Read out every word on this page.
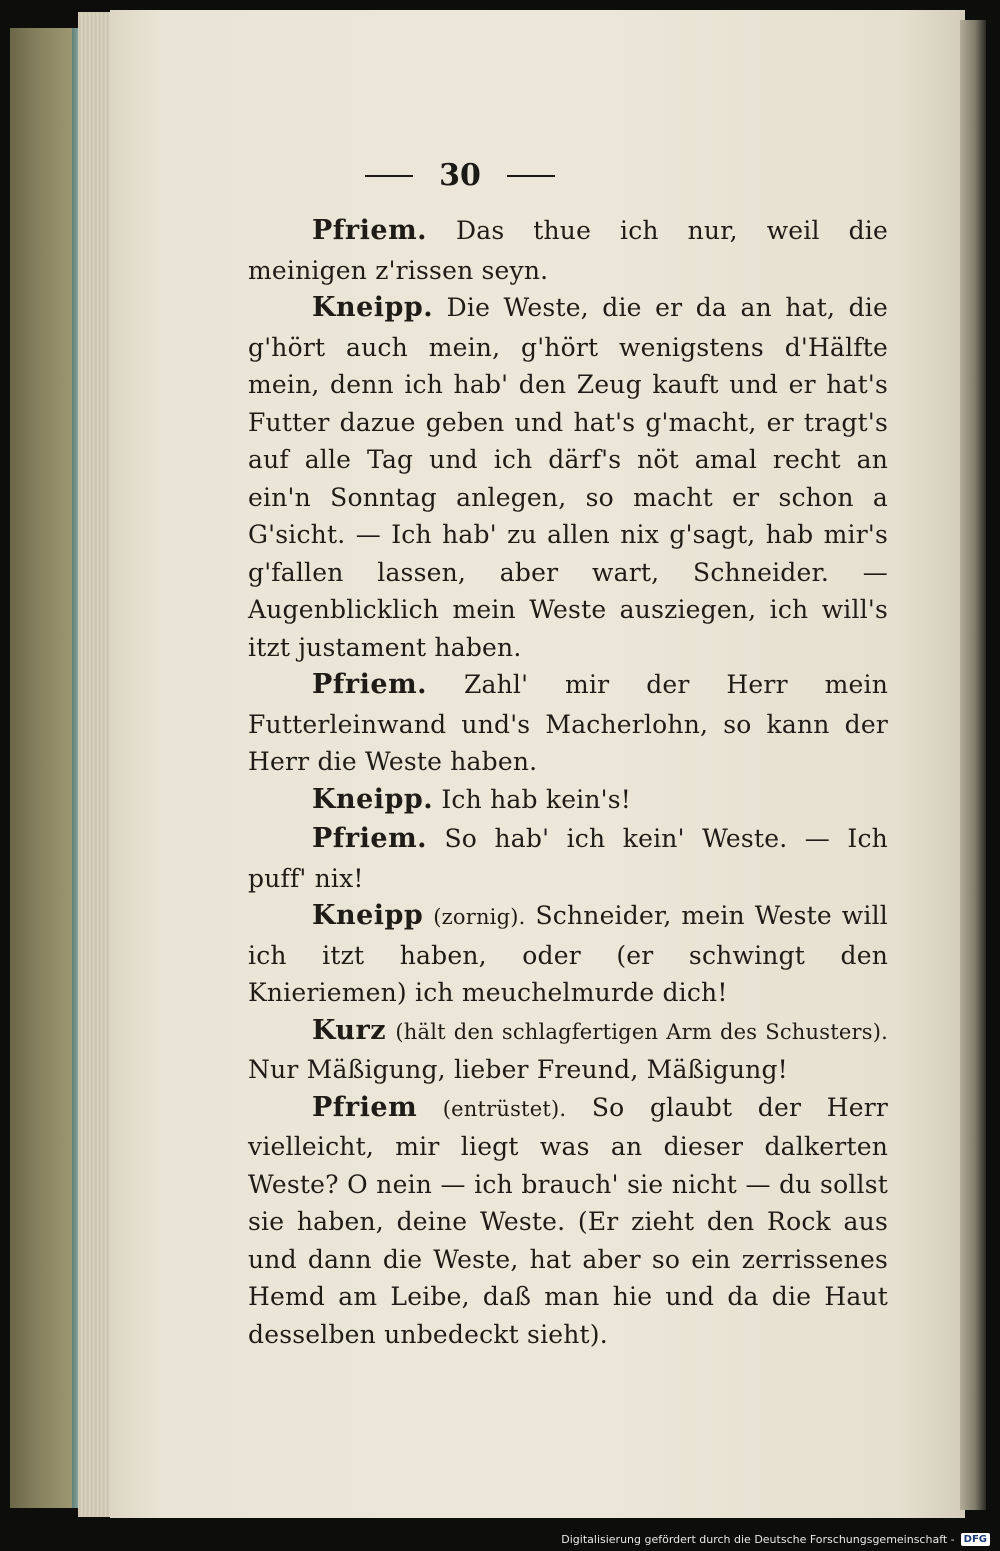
30

Pfriem. Das thue ich nur, weil die meinigen z'rissen seyn.

Kneipp. Die Weste, die er da an hat, die g'hört auch mein, g'hört wenigstens d'Hälfte mein, denn ich hab' den Zeug kauft und er hat's Futter dazue geben und hat's g'macht, er tragt's auf alle Tag und ich därf's nöt amal recht an ein'n Sonntag anlegen, so macht er schon a G'sicht. — Ich hab' zu allen nix g'sagt, hab mir's g'fallen lassen, aber wart, Schneider. — Augenblicklich mein Weste ausziegen, ich will's itzt justament haben.

Pfriem. Zahl' mir der Herr mein Futterleinwand und's Macherlohn, so kann der Herr die Weste haben.

Kneipp. Ich hab kein's!

Pfriem. So hab' ich kein' Weste. — Ich puff' nix!

Kneipp (zornig). Schneider, mein Weste will ich itzt haben, oder (er schwingt den Knieriemen) ich meuchelmurde dich!

Kurz (hält den schlagfertigen Arm des Schusters). Nur Mäßigung, lieber Freund, Mäßigung!

Pfriem (entrüstet). So glaubt der Herr vielleicht, mir liegt was an dieser dalkerten Weste? O nein — ich brauch' sie nicht — du sollst sie haben, deine Weste. (Er zieht den Rock aus und dann die Weste, hat aber so ein zerrissenes Hemd am Leibe, daß man hie und da die Haut desselben unbedeckt sieht).

Digitalisierung gefördert durch die Deutsche Forschungsgemeinschaft - DFG
